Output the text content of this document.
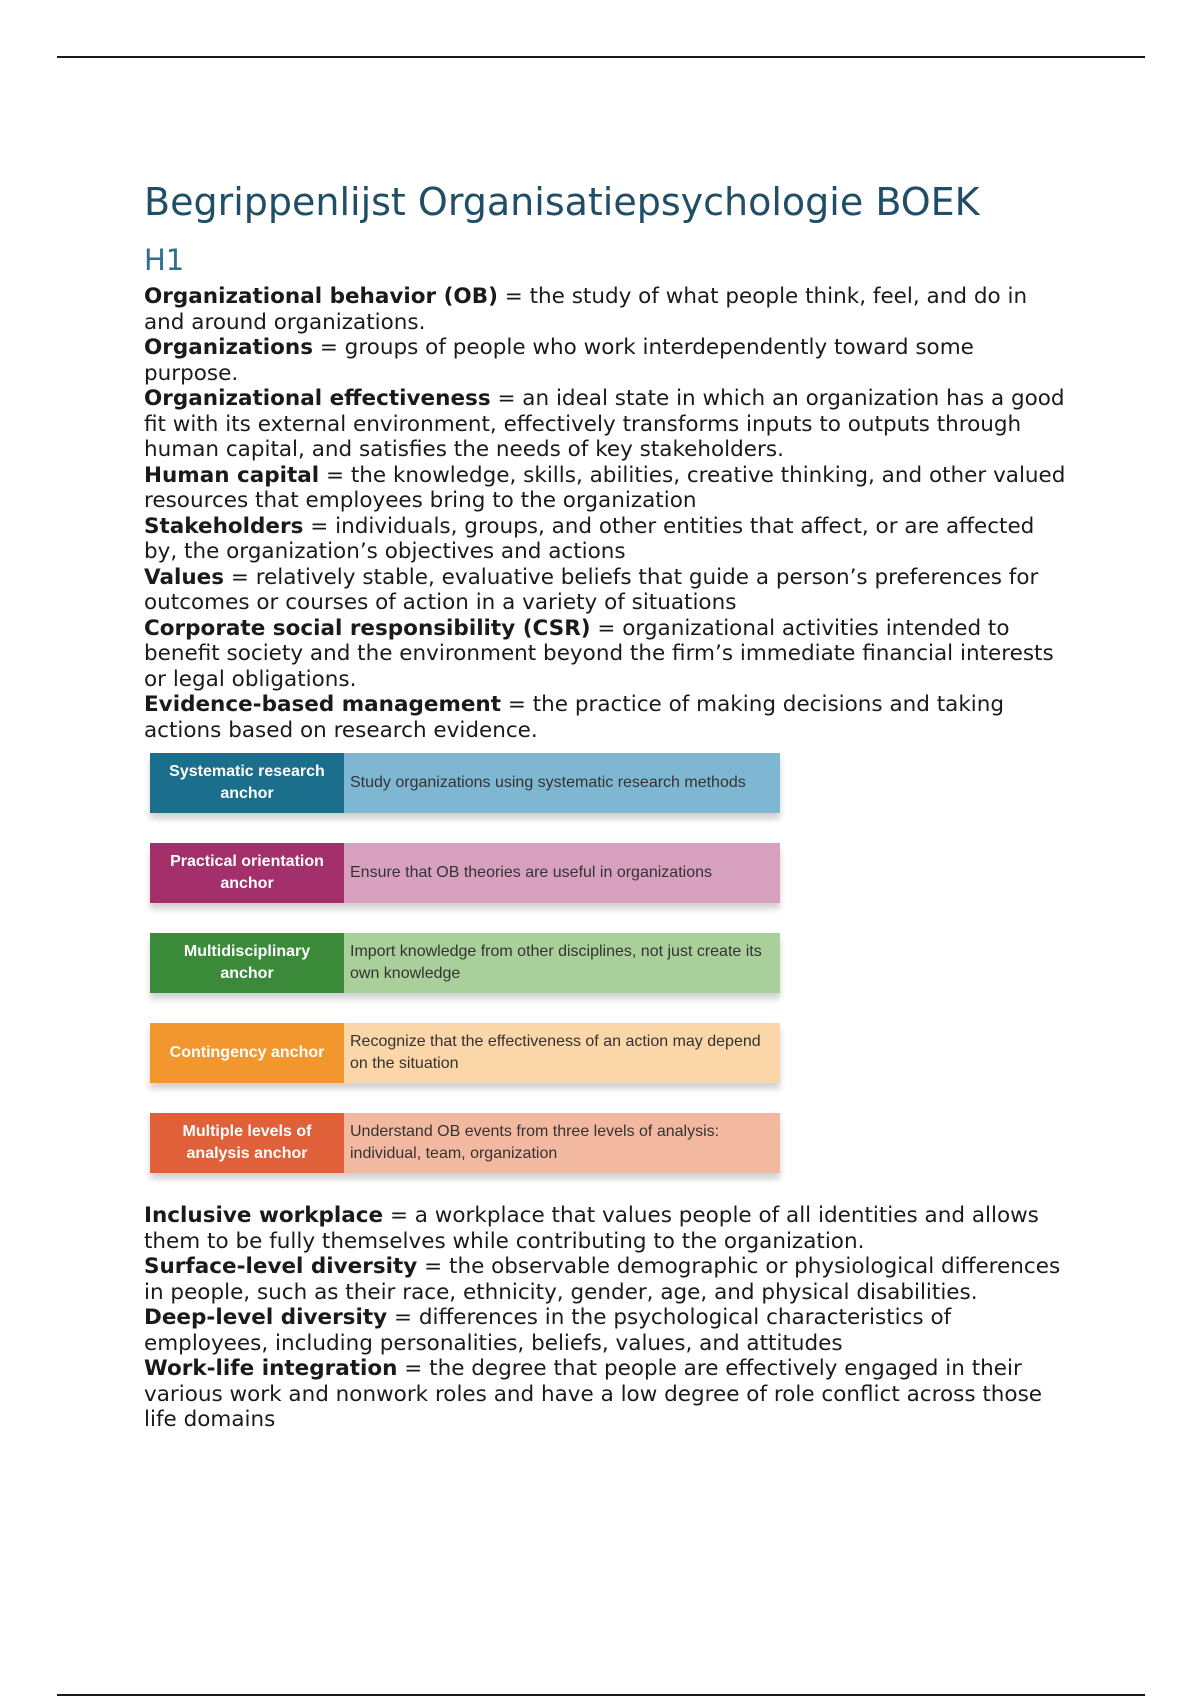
Begrippenlijst Organisatiepsychologie BOEK
H1

Organizational behavior (OB) = the study of what people think, feel, and do in and around organizations.

Organizations = groups of people who work interdependently toward some purpose.

Organizational effectiveness = an ideal state in which an organization has a good fit with its external environment, effectively transforms inputs to outputs through human capital, and satisfies the needs of key stakeholders.

Human capital = the knowledge, skills, abilities, creative thinking, and other valued resources that employees bring to the organization

Stakeholders = individuals, groups, and other entities that affect, or are affected by, the organization’s objectives and actions

Values = relatively stable, evaluative beliefs that guide a person’s preferences for outcomes or courses of action in a variety of situations

Corporate social responsibility (CSR) = organizational activities intended to benefit society and the environment beyond the firm’s immediate financial interests or legal obligations.

Evidence-based management = the practice of making decisions and taking actions based on research evidence.

Systematic research anchor
Study organizations using systematic research methods
Practical orientation anchor
Ensure that OB theories are useful in organizations
Multidisciplinary anchor
Import knowledge from other disciplines, not just create its own knowledge
Contingency anchor
Recognize that the effectiveness of an action may depend on the situation
Multiple levels of analysis anchor
Understand OB events from three levels of analysis: individual, team, organization

Inclusive workplace = a workplace that values people of all identities and allows them to be fully themselves while contributing to the organization.

Surface-level diversity = the observable demographic or physiological differences in people, such as their race, ethnicity, gender, age, and physical disabilities.

Deep-level diversity = differences in the psychological characteristics of employees, including personalities, beliefs, values, and attitudes

Work-life integration = the degree that people are effectively engaged in their various work and nonwork roles and have a low degree of role conflict across those life domains
